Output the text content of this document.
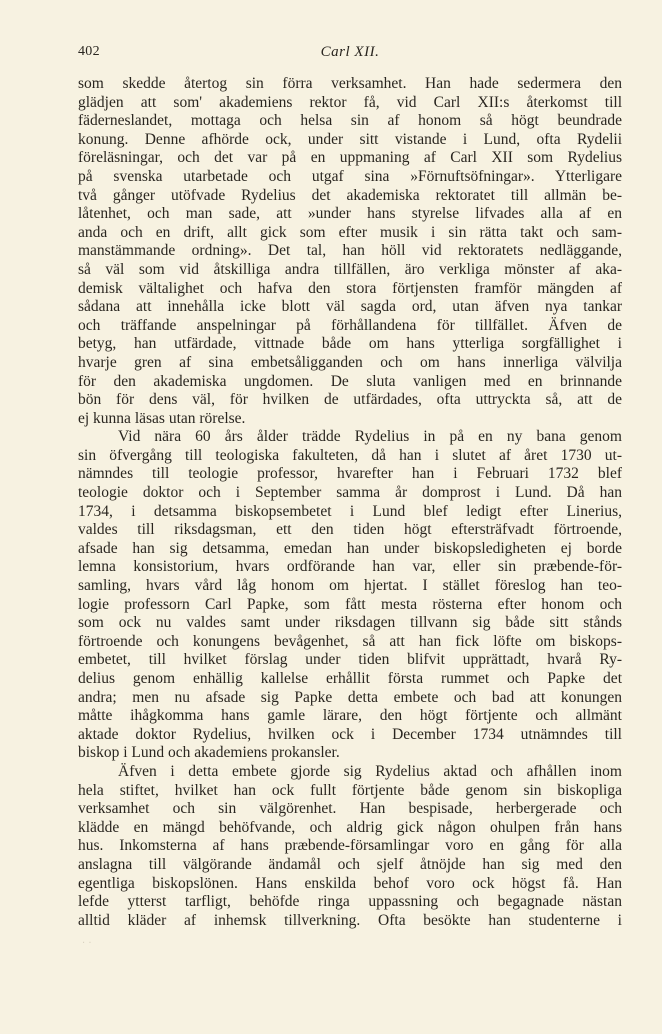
402	Carl XII.
som skedde återtog sin förra verksamhet. Han hade sedermera den
glädjen att som' akademiens rektor få, vid Carl XII:s återkomst till
fäderneslandet, mottaga och helsa sin af honom så högt beundrade
konung. Denne afhörde ock, under sitt vistande i Lund, ofta Rydelii
föreläsningar, och det var på en uppmaning af Carl XII som Rydelius
på svenska utarbetade och utgaf sina »Förnuftsöfningar». Ytterligare
två gånger utöfvade Rydelius det akademiska rektoratet till allmän be-
låtenhet, och man sade, att »under hans styrelse lifvades alla af en
anda och en drift, allt gick som efter musik i sin rätta takt och sam-
manstämmande ordning». Det tal, han höll vid rektoratets nedläggande,
så väl som vid åtskilliga andra tillfällen, äro verkliga mönster af aka-
demisk vältalighet och hafva den stora förtjensten framför mängden af
sådana att innehålla icke blott väl sagda ord, utan äfven nya tankar
och träffande anspelningar på förhållandena för tillfället. Äfven de
betyg, han utfärdade, vittnade både om hans ytterliga sorgfällighet i
hvarje gren af sina embetsåligganden och om hans innerliga välvilja
för den akademiska ungdomen. De sluta vanligen med en brinnande
bön för dens väl, för hvilken de utfärdades, ofta uttryckta så, att de
ej kunna läsas utan rörelse.
Vid nära 60 års ålder trädde Rydelius in på en ny bana genom
sin öfvergång till teologiska fakulteten, då han i slutet af året 1730 ut-
nämndes till teologie professor, hvarefter han i Februari 1732 blef
teologie doktor och i September samma år domprost i Lund. Då han
1734, i detsamma biskopsembetet i Lund blef ledigt efter Linerius,
valdes till riksdagsman, ett den tiden högt eftersträfvadt förtroende,
afsade han sig detsamma, emedan han under biskopsledigheten ej borde
lemna konsistorium, hvars ordförande han var, eller sin præbende-för-
samling, hvars vård låg honom om hjertat. I stället föreslog han teo-
logie professorn Carl Papke, som fått mesta rösterna efter honom och
som ock nu valdes samt under riksdagen tillvann sig både sitt stånds
förtroende och konungens bevågenhet, så att han fick löfte om biskops-
embetet, till hvilket förslag under tiden blifvit upprättadt, hvarå Ry-
delius genom enhällig kallelse erhållit första rummet och Papke det
andra; men nu afsade sig Papke detta embete och bad att konungen
måtte ihågkomma hans gamle lärare, den högt förtjente och allmänt
aktade doktor Rydelius, hvilken ock i December 1734 utnämndes till
biskop i Lund och akademiens prokansler.
Äfven i detta embete gjorde sig Rydelius aktad och afhållen inom
hela stiftet, hvilket han ock fullt förtjente både genom sin biskopliga
verksamhet och sin välgörenhet. Han bespisade, herbergerade och
klädde en mängd behöfvande, och aldrig gick någon ohulpen från hans
hus. Inkomsterna af hans præbende-församlingar voro en gång för alla
anslagna till välgörande ändamål och sjelf åtnöjde han sig med den
egentliga biskopslönen. Hans enskilda behof voro ock högst få. Han
lefde ytterst tarfligt, behöfde ringa uppassning och begagnade nästan
alltid kläder af inhemsk tillverkning. Ofta besökte han studenterne i
· ·
